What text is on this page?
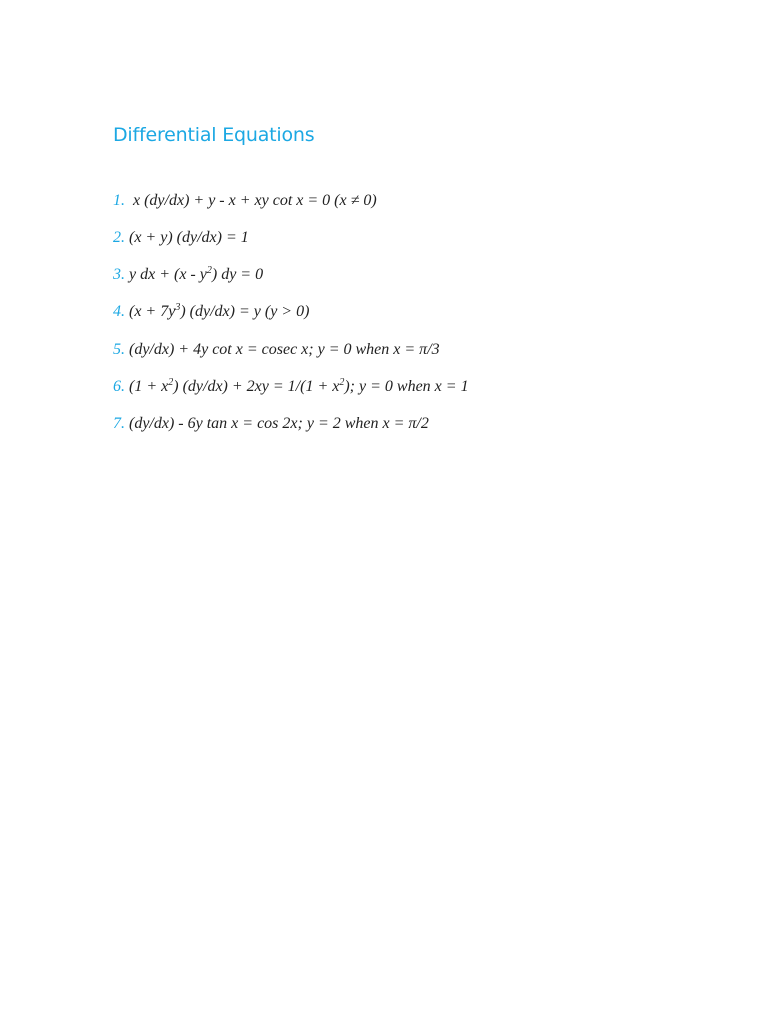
Differential Equations
1. x (dy/dx) + y - x + xy cot x = 0 (x ≠ 0)
2. (x + y) (dy/dx) = 1
3. y dx + $(x - y^2)$ dy = 0
4. $(x + 7y^3)$ (dy/dx) = y (y > 0)
5. (dy/dx) + 4y cot x = cosec x; y = 0 when x = π/3
6. $(1 + x^2)$ $(dy/dx) + 2xy = 1/(1 + x^2)$; y = 0 when x = 1
7. (dy/dx) - 6y tan x = cos 2x; y = 2 when x = π/2
